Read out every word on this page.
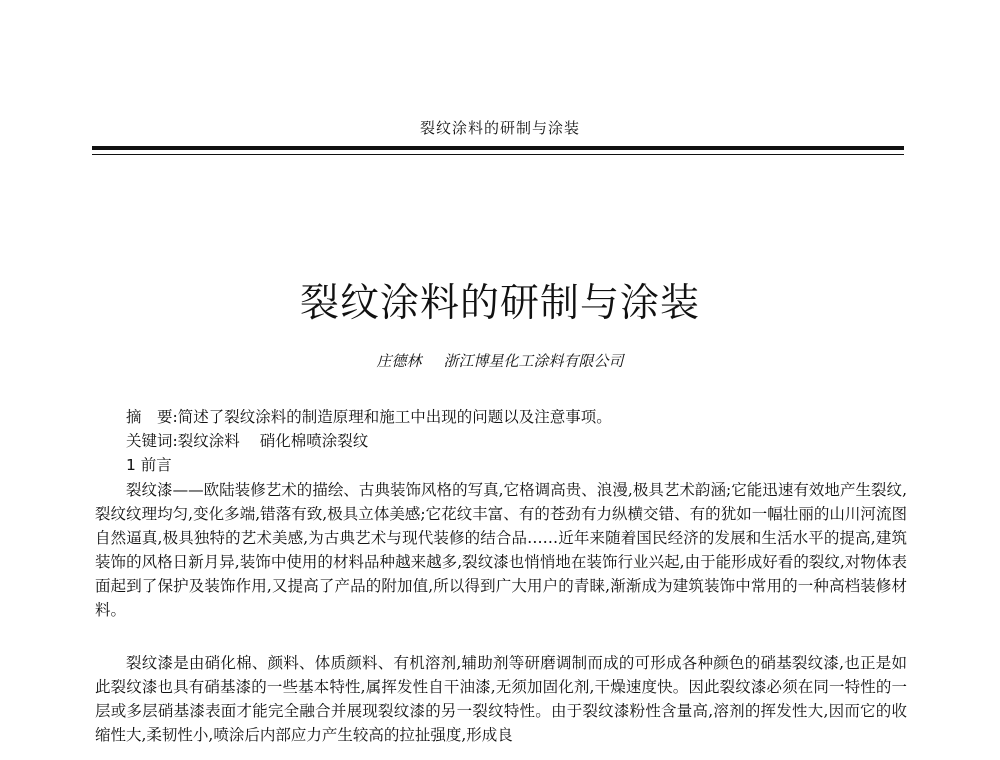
裂纹涂料的研制与涂装
裂纹涂料的研制与涂装
庄德林 浙江博星化工涂料有限公司
摘　要:简述了裂纹涂料的制造原理和施工中出现的问题以及注意事项。
关键词:裂纹涂料 硝化棉喷涂裂纹
1 前言

裂纹漆——欧陆装修艺术的描绘、古典装饰风格的写真,它格调高贵、浪漫,极具艺术韵涵;它能迅速有效地产生裂纹,裂纹纹理均匀,变化多端,错落有致,极具立体美感;它花纹丰富、有的苍劲有力纵横交错、有的犹如一幅壮丽的山川河流图自然逼真,极具独特的艺术美感,为古典艺术与现代装修的结合品……近年来随着国民经济的发展和生活水平的提高,建筑装饰的风格日新月异,装饰中使用的材料品种越来越多,裂纹漆也悄悄地在装饰行业兴起,由于能形成好看的裂纹,对物体表面起到了保护及装饰作用,又提高了产品的附加值,所以得到广大用户的青睐,渐渐成为建筑装饰中常用的一种高档装修材料。

裂纹漆是由硝化棉、颜料、体质颜料、有机溶剂,辅助剂等研磨调制而成的可形成各种颜色的硝基裂纹漆,也正是如此裂纹漆也具有硝基漆的一些基本特性,属挥发性自干油漆,无须加固化剂,干燥速度快。因此裂纹漆必须在同一特性的一层或多层硝基漆表面才能完全融合并展现裂纹漆的另一裂纹特性。由于裂纹漆粉性含量高,溶剂的挥发性大,因而它的收缩性大,柔韧性小,喷涂后内部应力产生较高的拉扯强度,形成良
